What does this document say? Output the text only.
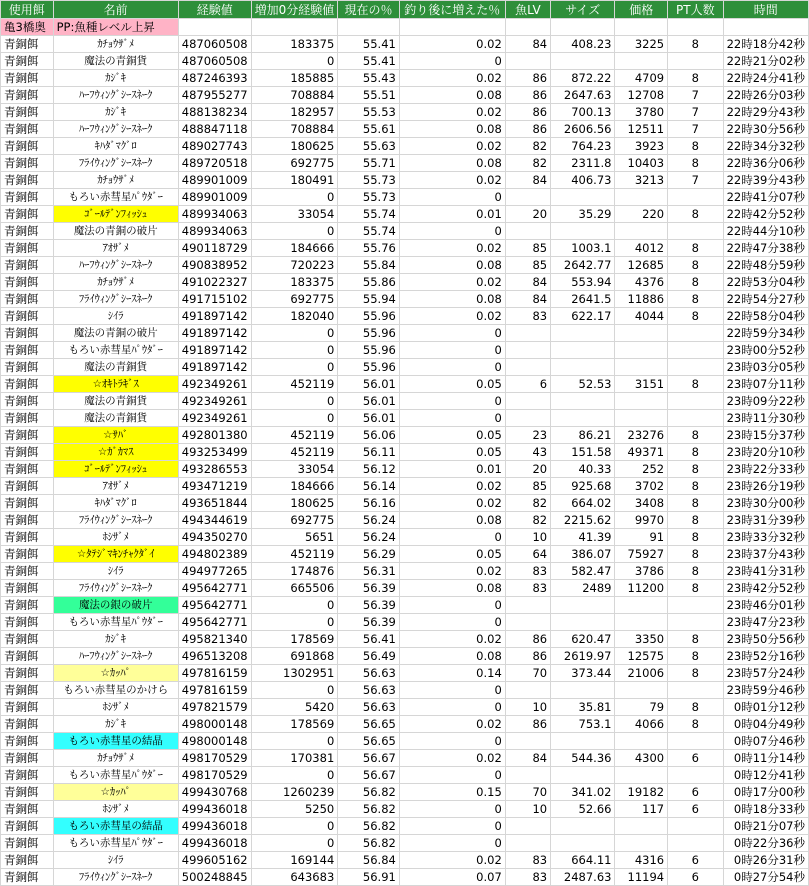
使用餌	名前	経験値	増加0分経験値	現在の％	釣り後に増えた％	魚LV	サイズ	価格	PT人数	時間
亀3橋奥	PP:魚種レベル上昇									
青銅餌	ｶﾁｮｳｻﾞﾒ	487060508	183375	55.41	0.02	84	408.23	3225	8	22時18分42秒
青銅餌	魔法の青銅貨	487060508	0	55.41	0					22時21分02秒
青銅餌	ｶｼﾞｷ	487246393	185885	55.43	0.02	86	872.22	4709	8	22時24分41秒
青銅餌	ﾊｰﾌｳｨﾝｸﾞｼｰｽﾈｰｸ	487955277	708884	55.51	0.08	86	2647.63	12708	7	22時26分03秒
青銅餌	ｶｼﾞｷ	488138234	182957	55.53	0.02	86	700.13	3780	7	22時29分43秒
青銅餌	ﾊｰﾌｳｨﾝｸﾞｼｰｽﾈｰｸ	488847118	708884	55.61	0.08	86	2606.56	12511	7	22時30分56秒
青銅餌	ｷﾊﾀﾞﾏｸﾞﾛ	489027743	180625	55.63	0.02	82	764.23	3923	8	22時34分32秒
青銅餌	ﾌﾗｲｳｨﾝｸﾞｼｰｽﾈｰｸ	489720518	692775	55.71	0.08	82	2311.8	10403	8	22時36分06秒
青銅餌	ｶﾁｮｳｻﾞﾒ	489901009	180491	55.73	0.02	84	406.73	3213	7	22時39分43秒
青銅餌	もろい赤彗星ﾊﾟｳﾀﾞｰ	489901009	0	55.73	0					22時41分07秒
青銅餌	ｺﾞｰﾙﾃﾞﾝﾌｨｯｼｭ	489934063	33054	55.74	0.01	20	35.29	220	8	22時42分52秒
青銅餌	魔法の青銅の破片	489934063	0	55.74	0					22時44分10秒
青銅餌	ｱｵｻﾞﾒ	490118729	184666	55.76	0.02	85	1003.1	4012	8	22時47分38秒
青銅餌	ﾊｰﾌｳｨﾝｸﾞｼｰｽﾈｰｸ	490838952	720223	55.84	0.08	85	2642.77	12685	8	22時48分59秒
青銅餌	ｶﾁｮｳｻﾞﾒ	491022327	183375	55.86	0.02	84	553.94	4376	8	22時53分04秒
青銅餌	ﾌﾗｲｳｨﾝｸﾞｼｰｽﾈｰｸ	491715102	692775	55.94	0.08	84	2641.5	11886	8	22時54分27秒
青銅餌	ｼｲﾗ	491897142	182040	55.96	0.02	83	622.17	4044	8	22時58分04秒
青銅餌	魔法の青銅の破片	491897142	0	55.96	0					22時59分34秒
青銅餌	もろい赤彗星ﾊﾟｳﾀﾞｰ	491897142	0	55.96	0					23時00分52秒
青銅餌	魔法の青銅貨	491897142	0	55.96	0					23時03分05秒
青銅餌	☆ｵｷﾄﾗｷﾞｽ	492349261	452119	56.01	0.05	6	52.53	3151	8	23時07分11秒
青銅餌	魔法の青銅貨	492349261	0	56.01	0					23時09分22秒
青銅餌	魔法の青銅貨	492349261	0	56.01	0					23時11分30秒
青銅餌	☆ｻﾊﾞ	492801380	452119	56.06	0.05	23	86.21	23276	8	23時15分37秒
青銅餌	☆ｶﾞｶﾏｽ	493253499	452119	56.11	0.05	43	151.58	49371	8	23時20分10秒
青銅餌	ｺﾞｰﾙﾃﾞﾝﾌｨｯｼｭ	493286553	33054	56.12	0.01	20	40.33	252	8	23時22分33秒
青銅餌	ｱｵｻﾞﾒ	493471219	184666	56.14	0.02	85	925.68	3702	8	23時26分19秒
青銅餌	ｷﾊﾀﾞﾏｸﾞﾛ	493651844	180625	56.16	0.02	82	664.02	3408	8	23時30分00秒
青銅餌	ﾌﾗｲｳｨﾝｸﾞｼｰｽﾈｰｸ	494344619	692775	56.24	0.08	82	2215.62	9970	8	23時31分39秒
青銅餌	ﾎｼｻﾞﾒ	494350270	5651	56.24	0	10	41.39	91	8	23時33分32秒
青銅餌	☆ﾀﾃｼﾞﾏｷﾝﾁｬｸﾀﾞｲ	494802389	452119	56.29	0.05	64	386.07	75927	8	23時37分43秒
青銅餌	ｼｲﾗ	494977265	174876	56.31	0.02	83	582.47	3786	8	23時41分31秒
青銅餌	ﾌﾗｲｳｨﾝｸﾞｼｰｽﾈｰｸ	495642771	665506	56.39	0.08	83	2489	11200	8	23時42分52秒
青銅餌	魔法の銀の破片	495642771	0	56.39	0					23時46分01秒
青銅餌	もろい赤彗星ﾊﾟｳﾀﾞｰ	495642771	0	56.39	0					23時47分23秒
青銅餌	ｶｼﾞｷ	495821340	178569	56.41	0.02	86	620.47	3350	8	23時50分56秒
青銅餌	ﾊｰﾌｳｨﾝｸﾞｼｰｽﾈｰｸ	496513208	691868	56.49	0.08	86	2619.97	12575	8	23時52分16秒
青銅餌	☆ｶｯﾊﾟ	497816159	1302951	56.63	0.14	70	373.44	21006	8	23時57分24秒
青銅餌	もろい赤彗星のかけら	497816159	0	56.63	0					23時59分46秒
青銅餌	ﾎｼｻﾞﾒ	497821579	5420	56.63	0	10	35.81	79	8	0時01分12秒
青銅餌	ｶｼﾞｷ	498000148	178569	56.65	0.02	86	753.1	4066	8	0時04分49秒
青銅餌	もろい赤彗星の結晶	498000148	0	56.65	0					0時07分46秒
青銅餌	ｶﾁｮｳｻﾞﾒ	498170529	170381	56.67	0.02	84	544.36	4300	6	0時11分14秒
青銅餌	もろい赤彗星ﾊﾟｳﾀﾞｰ	498170529	0	56.67	0					0時12分41秒
青銅餌	☆ｶｯﾊﾟ	499430768	1260239	56.82	0.15	70	341.02	19182	6	0時17分00秒
青銅餌	ﾎｼｻﾞﾒ	499436018	5250	56.82	0	10	52.66	117	6	0時18分33秒
青銅餌	もろい赤彗星の結晶	499436018	0	56.82	0					0時21分07秒
青銅餌	もろい赤彗星ﾊﾟｳﾀﾞｰ	499436018	0	56.82	0					0時22分36秒
青銅餌	ｼｲﾗ	499605162	169144	56.84	0.02	83	664.11	4316	6	0時26分31秒
青銅餌	ﾌﾗｲｳｨﾝｸﾞｼｰｽﾈｰｸ	500248845	643683	56.91	0.07	83	2487.63	11194	6	0時27分54秒
